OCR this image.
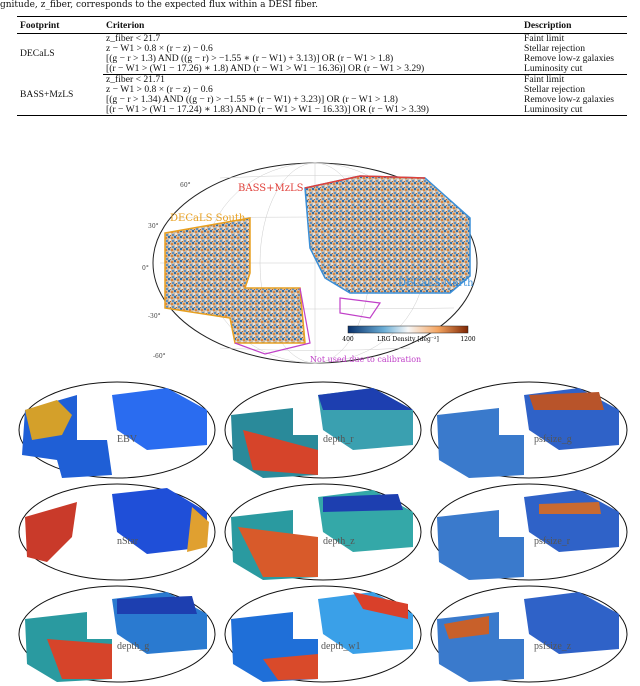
gnitude, z_fiber, corresponds to the expected flux within a DESI fiber.
Footprint	Criterion	Description
DECaLS	z_fiber < 21.7	Faint limit
	z − W1 > 0.8 × (r − z) − 0.6	Stellar rejection
	[(g − r > 1.3) AND ((g − r) > −1.55 ∗ (r − W1) + 3.13)] OR (r − W1 > 1.8)	Remove low-z galaxies
	[(r − W1 > (W1 − 17.26) ∗ 1.8) AND (r − W1 > W1 − 16.36)] OR (r − W1 > 3.29)	Luminosity cut
BASS+MzLS	z_fiber < 21.71	Faint limit
	z − W1 > 0.8 × (r − z) − 0.6	Stellar rejection
	[(g − r > 1.34) AND ((g − r) > −1.55 ∗ (r − W1) + 3.23)] OR (r − W1 > 1.8)	Remove low-z galaxies
	[(r − W1 > (W1 − 17.24) ∗ 1.83) AND (r − W1 > W1 − 16.33)] OR (r − W1 > 3.39)	Luminosity cut
BASS+MzLS
DECaLS South
DECaLS North
Not used due to calibration
60°
30°
0°
-30°
-60°
400	1200
LRG Density [deg⁻²]
EBV	depth_r	psfsize_g
nStar	depth_z	psfsize_r
depth_g	depth_w1	psfsize_z
